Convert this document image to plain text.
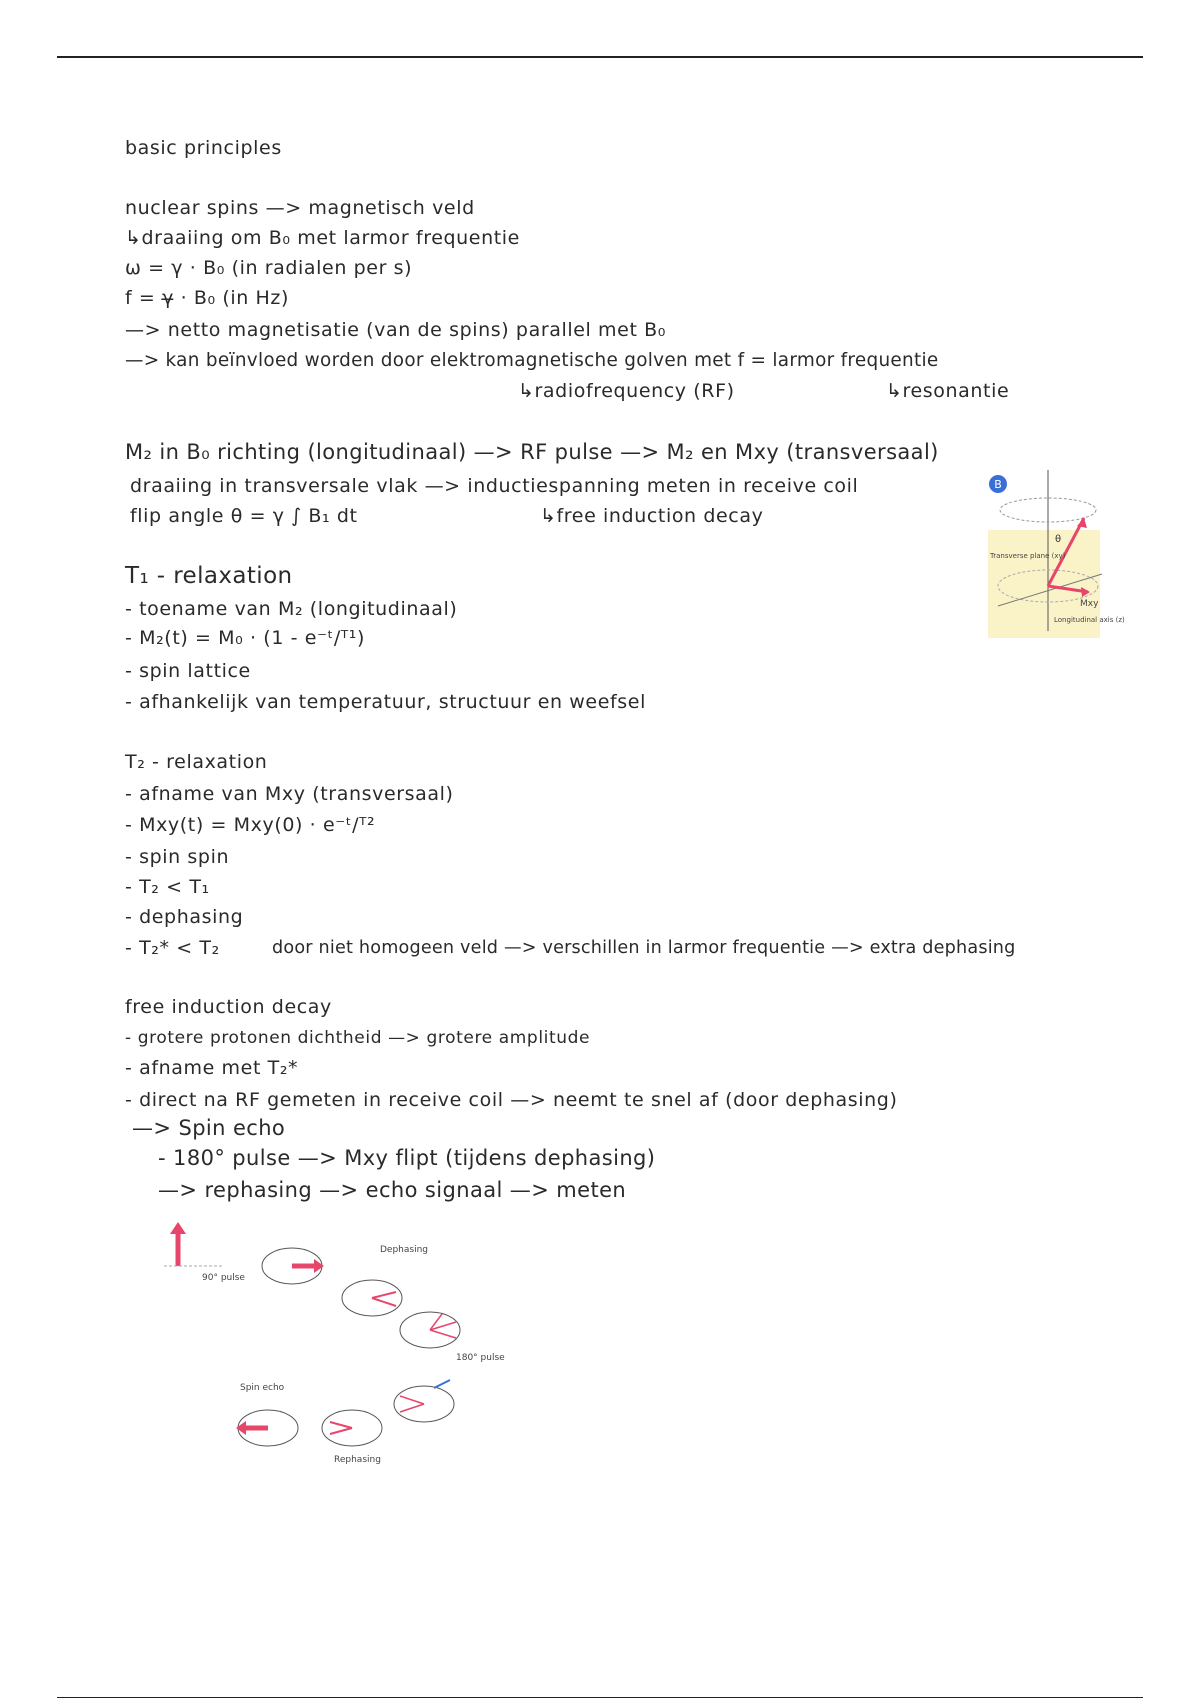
basic principles
nuclear spins —> magnetisch veld
↳draaiing om B₀ met larmor frequentie
ω = γ · B₀ (in radialen per s)
f = γ̶ · B₀ (in Hz)
—> netto magnetisatie (van de spins) parallel met B₀
—> kan beïnvloed worden door elektromagnetische golven met f = larmor frequentie
↳radiofrequency (RF)	↳resonantie
M₂ in B₀ richting (longitudinaal) —> RF pulse —> M₂ en Mxy (transversaal)
draaiing in transversale vlak —> inductiespanning meten in receive coil
flip angle θ = γ ∫ B₁ dt	↳free induction decay
B
θ
Mxy
Transverse plane (xy)
Longitudinal axis (z)
T₁ - relaxation
- toename van M₂ (longitudinaal)
- M₂(t) = M₀ · (1 - e⁻ᵗ/ᵀ¹)
- spin lattice
- afhankelijk van temperatuur, structuur en weefsel
T₂ - relaxation
- afname van Mxy (transversaal)
- Mxy(t) = Mxy(0) · e⁻ᵗ/ᵀ²
- spin spin
- T₂ < T₁
- dephasing
- T₂* < T₂	door niet homogeen veld —> verschillen in larmor frequentie —> extra dephasing
free induction decay
- grotere protonen dichtheid —> grotere amplitude
- afname met T₂*
- direct na RF gemeten in receive coil —> neemt te snel af (door dephasing)
—> Spin echo
- 180° pulse —> Mxy flipt (tijdens dephasing)
—> rephasing —> echo signaal —> meten
90° pulse
Dephasing
180° pulse
Rephasing
Spin echo
